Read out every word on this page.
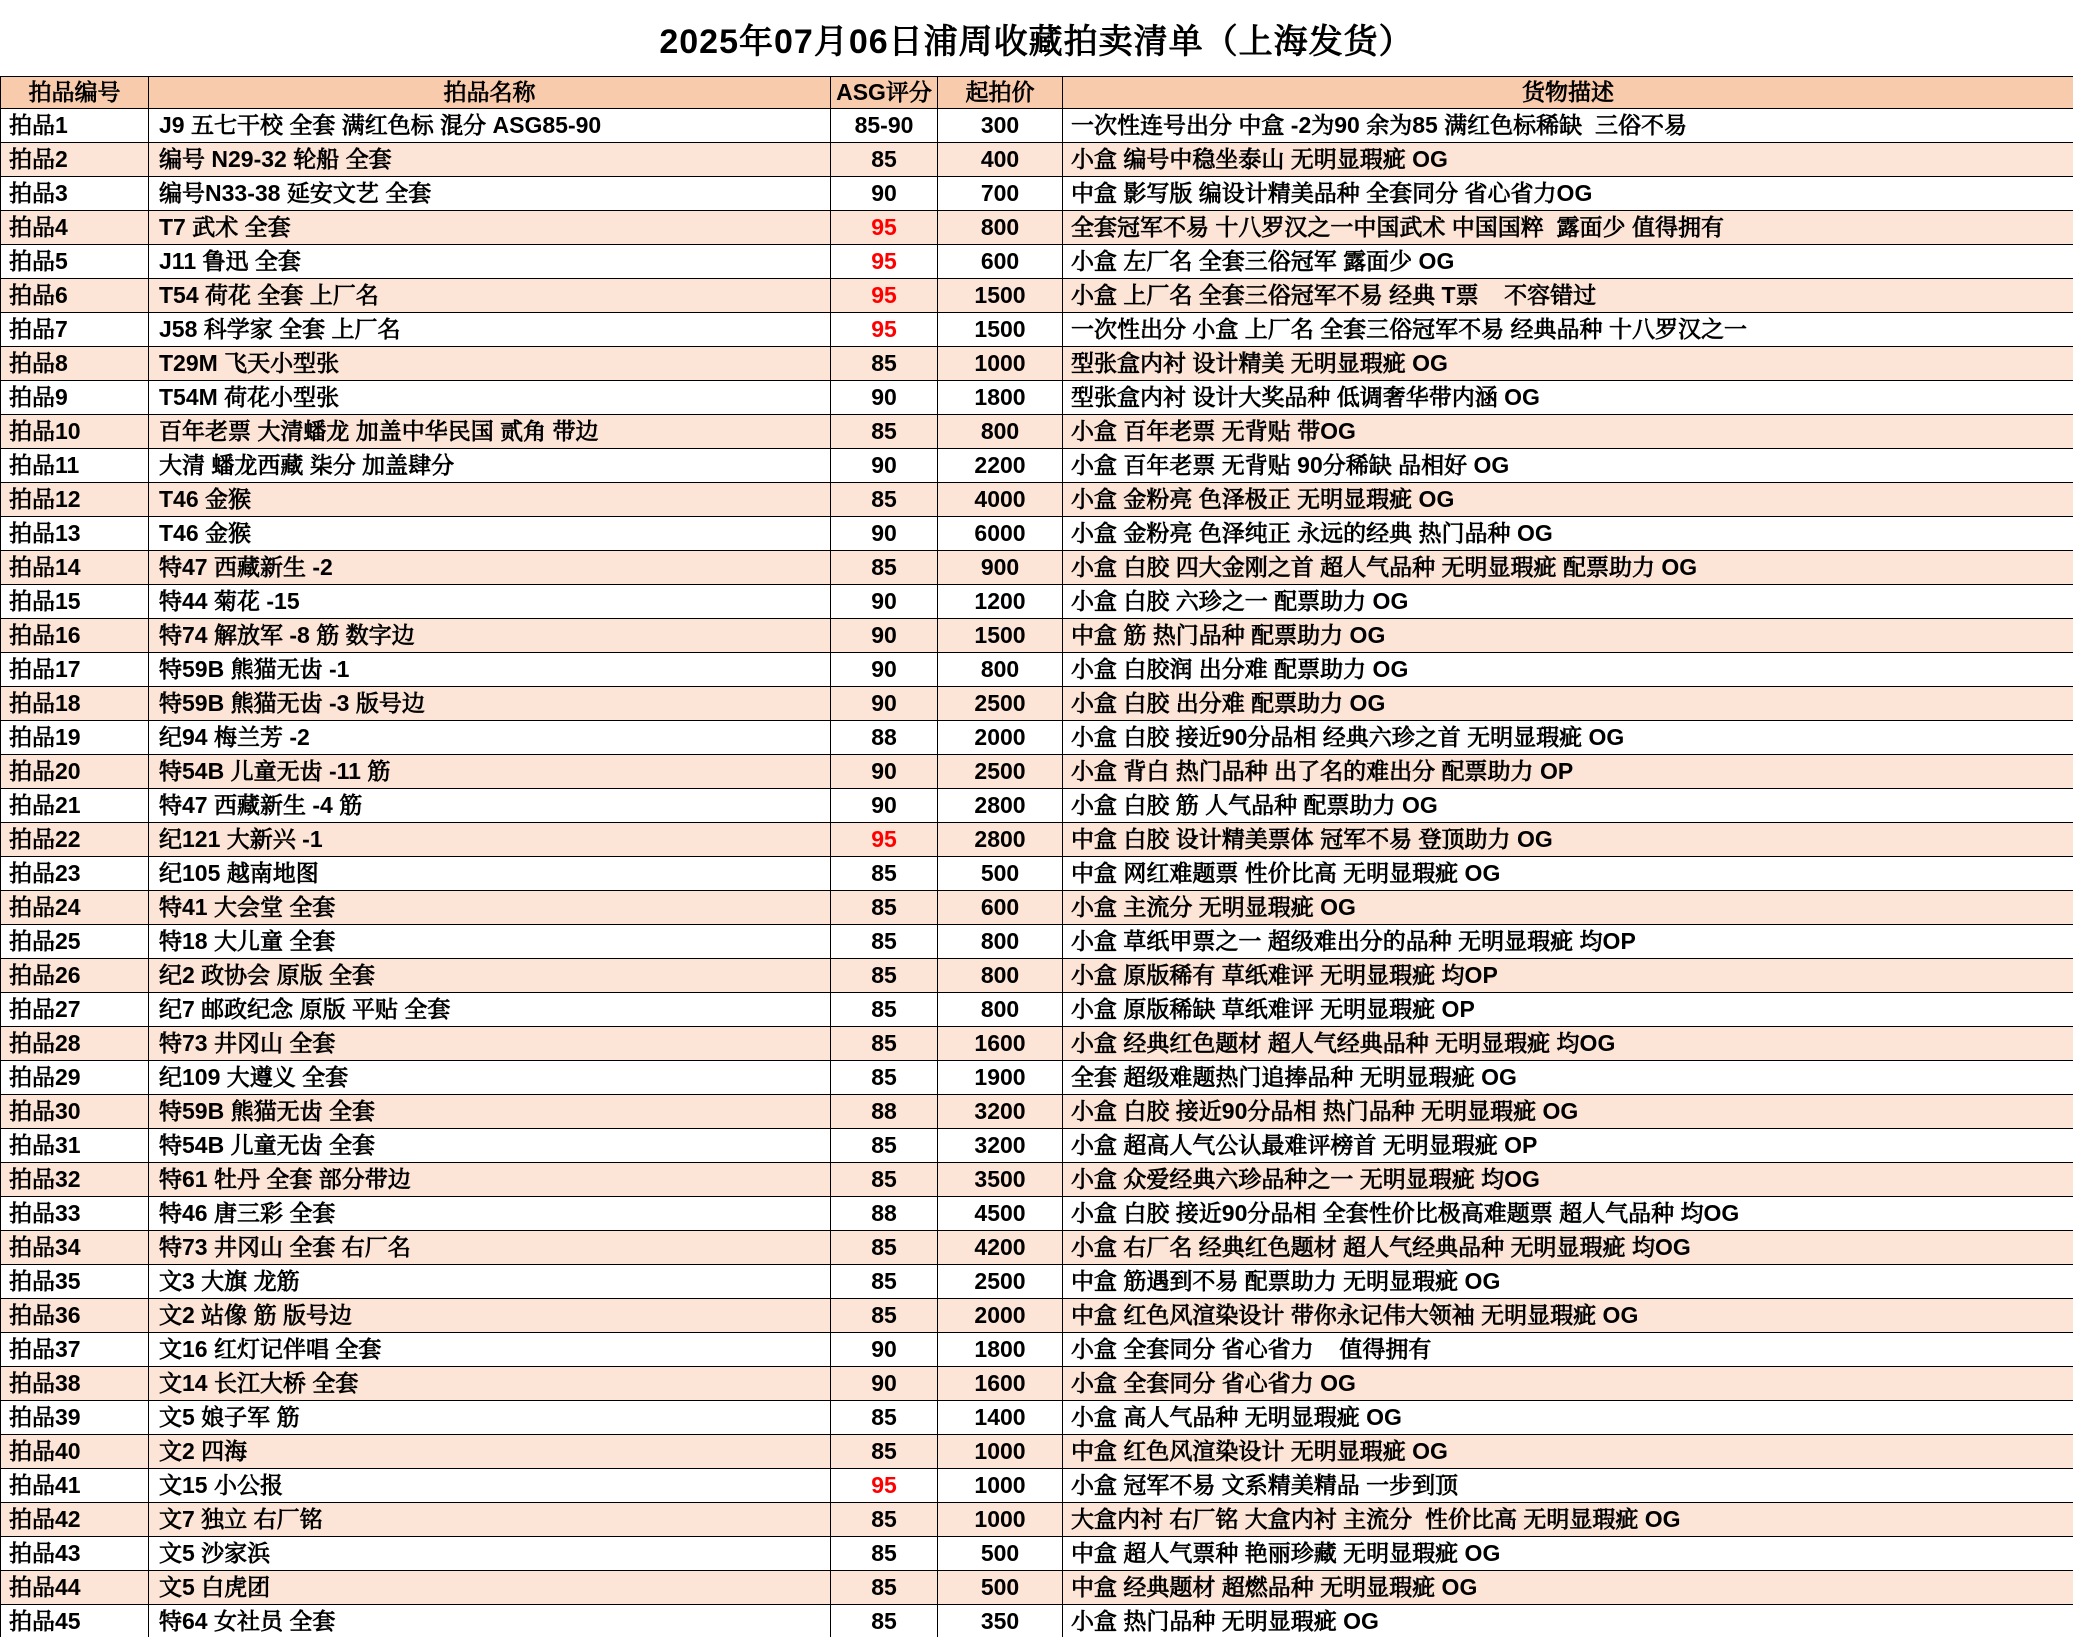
2025年07月06日浦周收藏拍卖清单（上海发货）
拍品编号	拍品名称	ASG评分	起拍价	货物描述
拍品1	J9 五七干校 全套 满红色标 混分 ASG85-90	85-90	300	一次性连号出分 中盒 -2为90 余为85 满红色标稀缺  三俗不易
拍品2	编号 N29-32 轮船 全套	85	400	小盒 编号中稳坐泰山 无明显瑕疵 OG
拍品3	编号N33-38 延安文艺 全套	90	700	中盒 影写版 编设计精美品种 全套同分 省心省力OG
拍品4	T7 武术 全套	95	800	全套冠军不易 十八罗汉之一中国武术 中国国粹  露面少 值得拥有
拍品5	J11 鲁迅 全套	95	600	小盒 左厂名 全套三俗冠军 露面少 OG
拍品6	T54 荷花 全套 上厂名	95	1500	小盒 上厂名 全套三俗冠军不易 经典 T票    不容错过
拍品7	J58 科学家 全套 上厂名	95	1500	一次性出分 小盒 上厂名 全套三俗冠军不易 经典品种 十八罗汉之一
拍品8	T29M 飞天小型张	85	1000	型张盒内衬 设计精美 无明显瑕疵 OG
拍品9	T54M 荷花小型张	90	1800	型张盒内衬 设计大奖品种 低调奢华带内涵 OG
拍品10	百年老票 大清蟠龙 加盖中华民国 贰角 带边	85	800	小盒 百年老票 无背贴 带OG
拍品11	大清 蟠龙西藏 柒分 加盖肆分	90	2200	小盒 百年老票 无背贴 90分稀缺 品相好 OG
拍品12	T46 金猴	85	4000	小盒 金粉亮 色泽极正 无明显瑕疵 OG
拍品13	T46 金猴	90	6000	小盒 金粉亮 色泽纯正 永远的经典 热门品种 OG
拍品14	特47 西藏新生 -2	85	900	小盒 白胶 四大金刚之首 超人气品种 无明显瑕疵 配票助力 OG
拍品15	特44 菊花 -15	90	1200	小盒 白胶 六珍之一 配票助力 OG
拍品16	特74 解放军 -8 筋 数字边	90	1500	中盒 筋 热门品种 配票助力 OG
拍品17	特59B 熊猫无齿 -1	90	800	小盒 白胶润 出分难 配票助力 OG
拍品18	特59B 熊猫无齿 -3 版号边	90	2500	小盒 白胶 出分难 配票助力 OG
拍品19	纪94 梅兰芳 -2	88	2000	小盒 白胶 接近90分品相 经典六珍之首 无明显瑕疵 OG
拍品20	特54B 儿童无齿 -11 筋	90	2500	小盒 背白 热门品种 出了名的难出分 配票助力 OP
拍品21	特47 西藏新生 -4 筋	90	2800	小盒 白胶 筋 人气品种 配票助力 OG
拍品22	纪121 大新兴 -1	95	2800	中盒 白胶 设计精美票体 冠军不易 登顶助力 OG
拍品23	纪105 越南地图	85	500	中盒 网红难题票 性价比高 无明显瑕疵 OG
拍品24	特41 大会堂 全套	85	600	小盒 主流分 无明显瑕疵 OG
拍品25	特18 大儿童 全套	85	800	小盒 草纸甲票之一 超级难出分的品种 无明显瑕疵 均OP
拍品26	纪2 政协会 原版 全套	85	800	小盒 原版稀有 草纸难评 无明显瑕疵 均OP
拍品27	纪7 邮政纪念 原版 平贴 全套	85	800	小盒 原版稀缺 草纸难评 无明显瑕疵 OP
拍品28	特73 井冈山 全套	85	1600	小盒 经典红色题材 超人气经典品种 无明显瑕疵 均OG
拍品29	纪109 大遵义 全套	85	1900	全套 超级难题热门追捧品种 无明显瑕疵 OG
拍品30	特59B 熊猫无齿 全套	88	3200	小盒 白胶 接近90分品相 热门品种 无明显瑕疵 OG
拍品31	特54B 儿童无齿 全套	85	3200	小盒 超高人气公认最难评榜首 无明显瑕疵 OP
拍品32	特61 牡丹 全套 部分带边	85	3500	小盒 众爱经典六珍品种之一 无明显瑕疵 均OG
拍品33	特46 唐三彩 全套	88	4500	小盒 白胶 接近90分品相 全套性价比极高难题票 超人气品种 均OG
拍品34	特73 井冈山 全套 右厂名	85	4200	小盒 右厂名 经典红色题材 超人气经典品种 无明显瑕疵 均OG
拍品35	文3 大旗 龙筋	85	2500	中盒 筋遇到不易 配票助力 无明显瑕疵 OG
拍品36	文2 站像 筋 版号边	85	2000	中盒 红色风渲染设计 带你永记伟大领袖 无明显瑕疵 OG
拍品37	文16 红灯记伴唱 全套	90	1800	小盒 全套同分 省心省力    值得拥有
拍品38	文14 长江大桥 全套	90	1600	小盒 全套同分 省心省力 OG
拍品39	文5 娘子军 筋	85	1400	小盒 高人气品种 无明显瑕疵 OG
拍品40	文2 四海	85	1000	中盒 红色风渲染设计 无明显瑕疵 OG
拍品41	文15 小公报	95	1000	小盒 冠军不易 文系精美精品 一步到顶
拍品42	文7 独立 右厂铭	85	1000	大盒内衬 右厂铭 大盒内衬 主流分  性价比高 无明显瑕疵 OG
拍品43	文5 沙家浜	85	500	中盒 超人气票种 艳丽珍藏 无明显瑕疵 OG
拍品44	文5 白虎团	85	500	中盒 经典题材 超燃品种 无明显瑕疵 OG
拍品45	特64 女社员 全套	85	350	小盒 热门品种 无明显瑕疵 OG
